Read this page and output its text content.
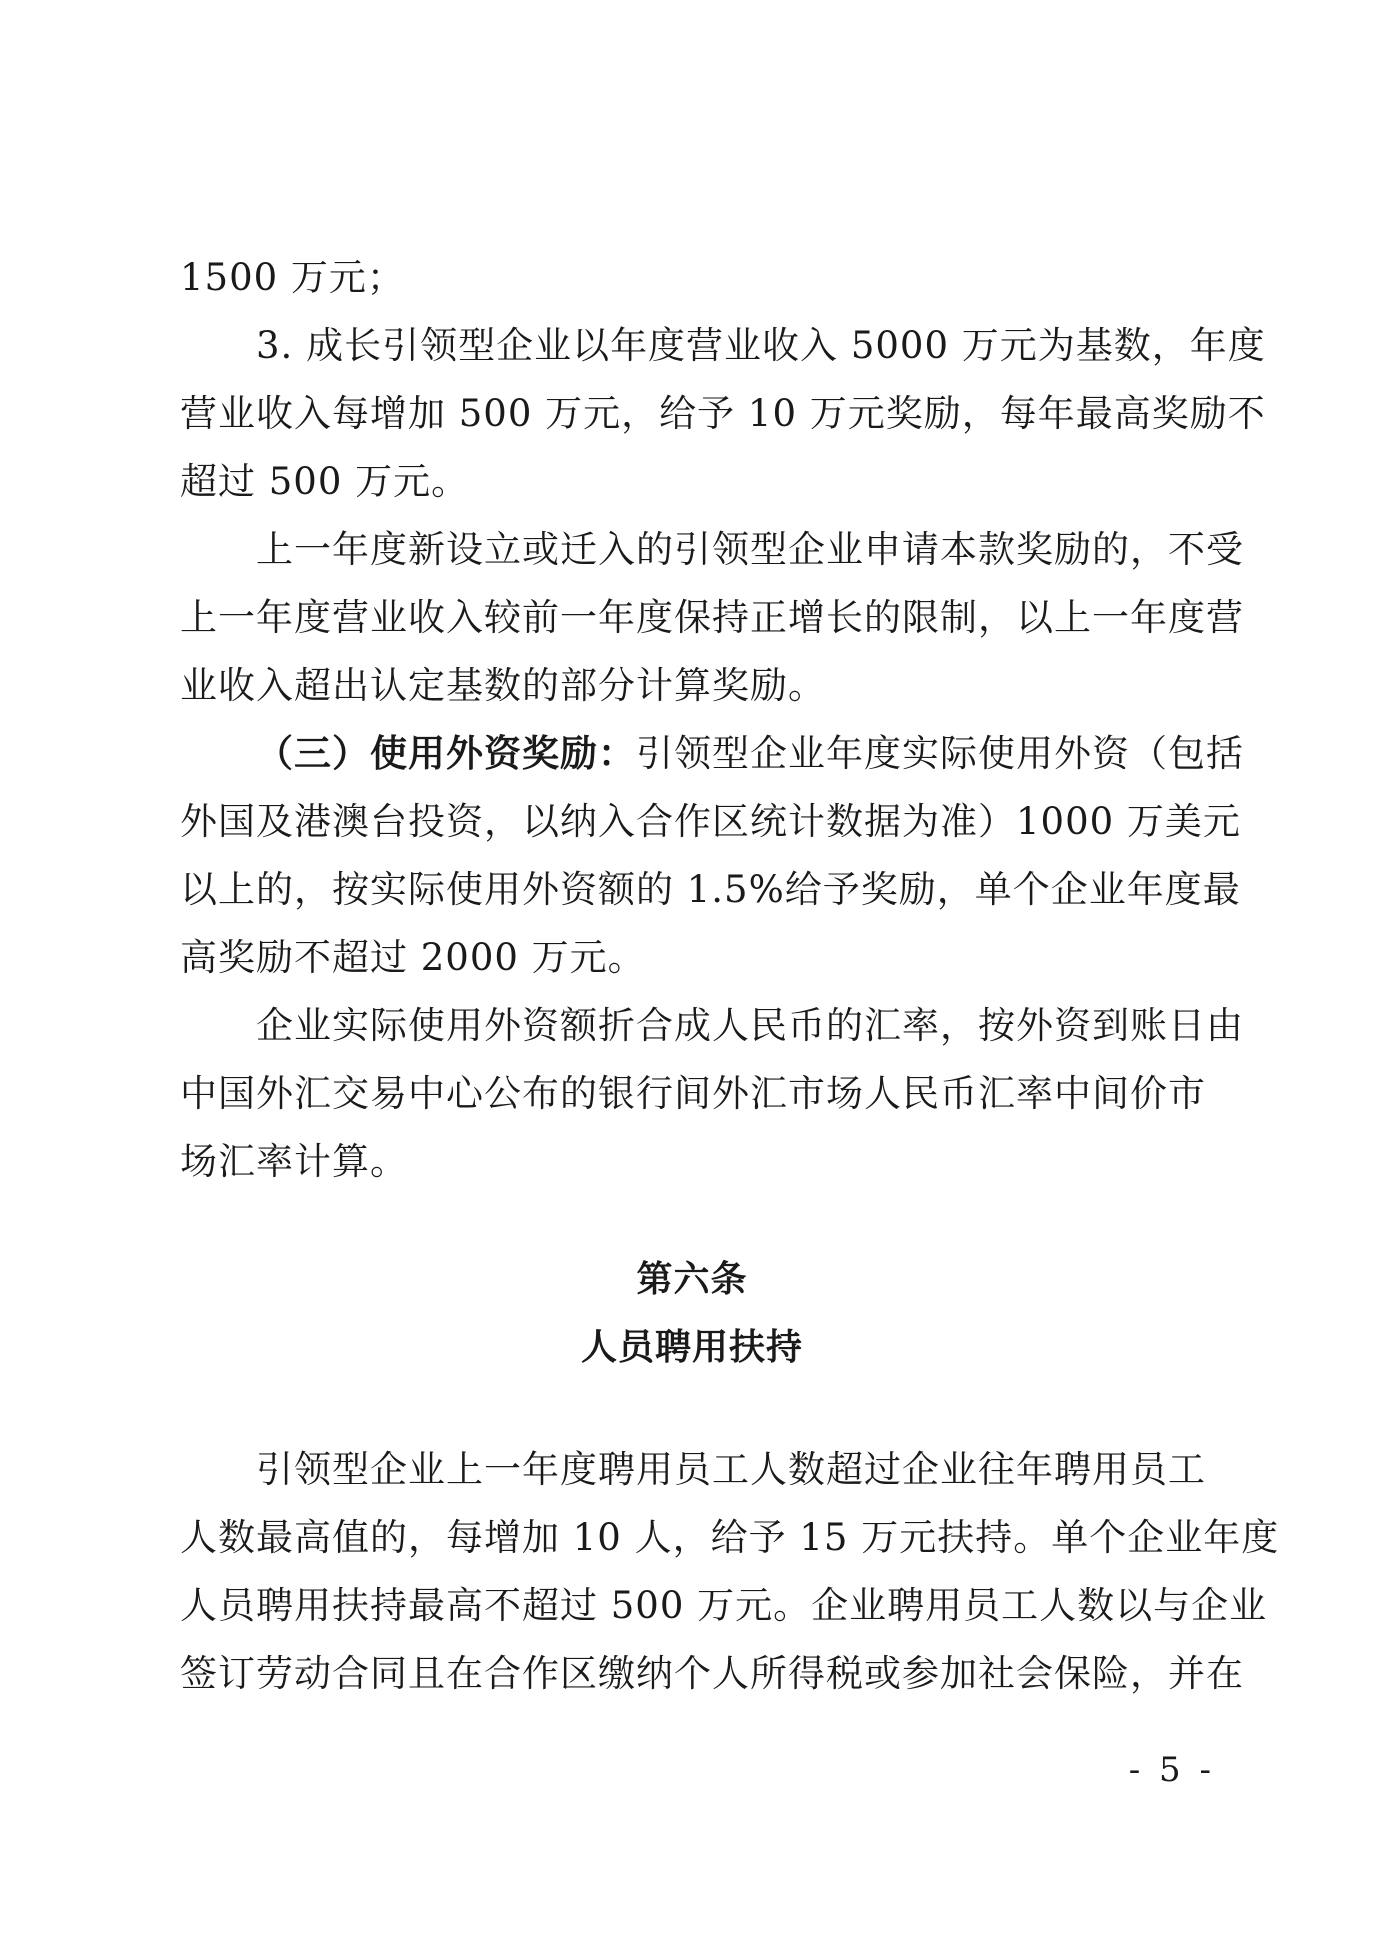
1500 万元；
3. 成长引领型企业以年度营业收入 5000 万元为基数，年度
营业收入每增加 500 万元，给予 10 万元奖励，每年最高奖励不
超过 500 万元。
上一年度新设立或迁入的引领型企业申请本款奖励的，不受
上一年度营业收入较前一年度保持正增长的限制，以上一年度营
业收入超出认定基数的部分计算奖励。
（三）使用外资奖励： 引领型企业年度实际使用外资（包括
外国及港澳台投资，以纳入合作区统计数据为准）1000 万美元
以上的，按实际使用外资额的 1.5%给予奖励，单个企业年度最
高奖励不超过 2000 万元。
企业实际使用外资额折合成人民币的汇率，按外资到账日由
中国外汇交易中心公布的银行间外汇市场人民币汇率中间价市
场汇率计算。
第六条
人员聘用扶持
引领型企业上一年度聘用员工人数超过企业往年聘用员工
人数最高值的，每增加 10 人，给予 15 万元扶持。单个企业年度
人员聘用扶持最高不超过 500 万元。企业聘用员工人数以与企业
签订劳动合同且在合作区缴纳个人所得税或参加社会保险，并在
- 5 -
